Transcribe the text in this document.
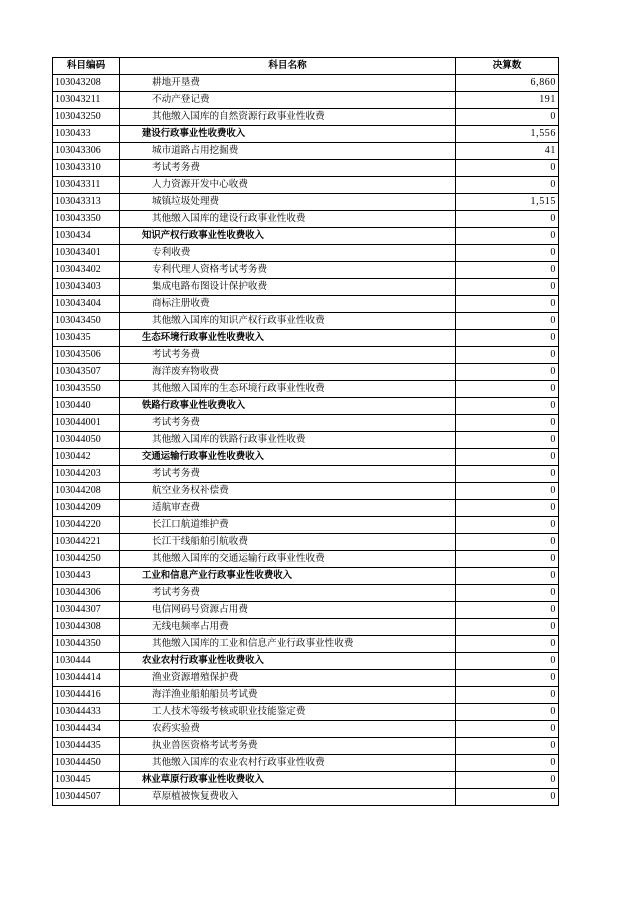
科目编码	科目名称	决算数
103043208	耕地开垦费	6,860
103043211	不动产登记费	191
103043250	其他缴入国库的自然资源行政事业性收费	0
1030433	建设行政事业性收费收入	1,556
103043306	城市道路占用挖掘费	41
103043310	考试考务费	0
103043311	人力资源开发中心收费	0
103043313	城镇垃圾处理费	1,515
103043350	其他缴入国库的建设行政事业性收费	0
1030434	知识产权行政事业性收费收入	0
103043401	专利收费	0
103043402	专利代理人资格考试考务费	0
103043403	集成电路布图设计保护收费	0
103043404	商标注册收费	0
103043450	其他缴入国库的知识产权行政事业性收费	0
1030435	生态环境行政事业性收费收入	0
103043506	考试考务费	0
103043507	海洋废弃物收费	0
103043550	其他缴入国库的生态环境行政事业性收费	0
1030440	铁路行政事业性收费收入	0
103044001	考试考务费	0
103044050	其他缴入国库的铁路行政事业性收费	0
1030442	交通运输行政事业性收费收入	0
103044203	考试考务费	0
103044208	航空业务权补偿费	0
103044209	适航审查费	0
103044220	长江口航道维护费	0
103044221	长江干线船舶引航收费	0
103044250	其他缴入国库的交通运输行政事业性收费	0
1030443	工业和信息产业行政事业性收费收入	0
103044306	考试考务费	0
103044307	电信网码号资源占用费	0
103044308	无线电频率占用费	0
103044350	其他缴入国库的工业和信息产业行政事业性收费	0
1030444	农业农村行政事业性收费收入	0
103044414	渔业资源增殖保护费	0
103044416	海洋渔业船舶船员考试费	0
103044433	工人技术等级考核或职业技能鉴定费	0
103044434	农药实验费	0
103044435	执业兽医资格考试考务费	0
103044450	其他缴入国库的农业农村行政事业性收费	0
1030445	林业草原行政事业性收费收入	0
103044507	草原植被恢复费收入	0
